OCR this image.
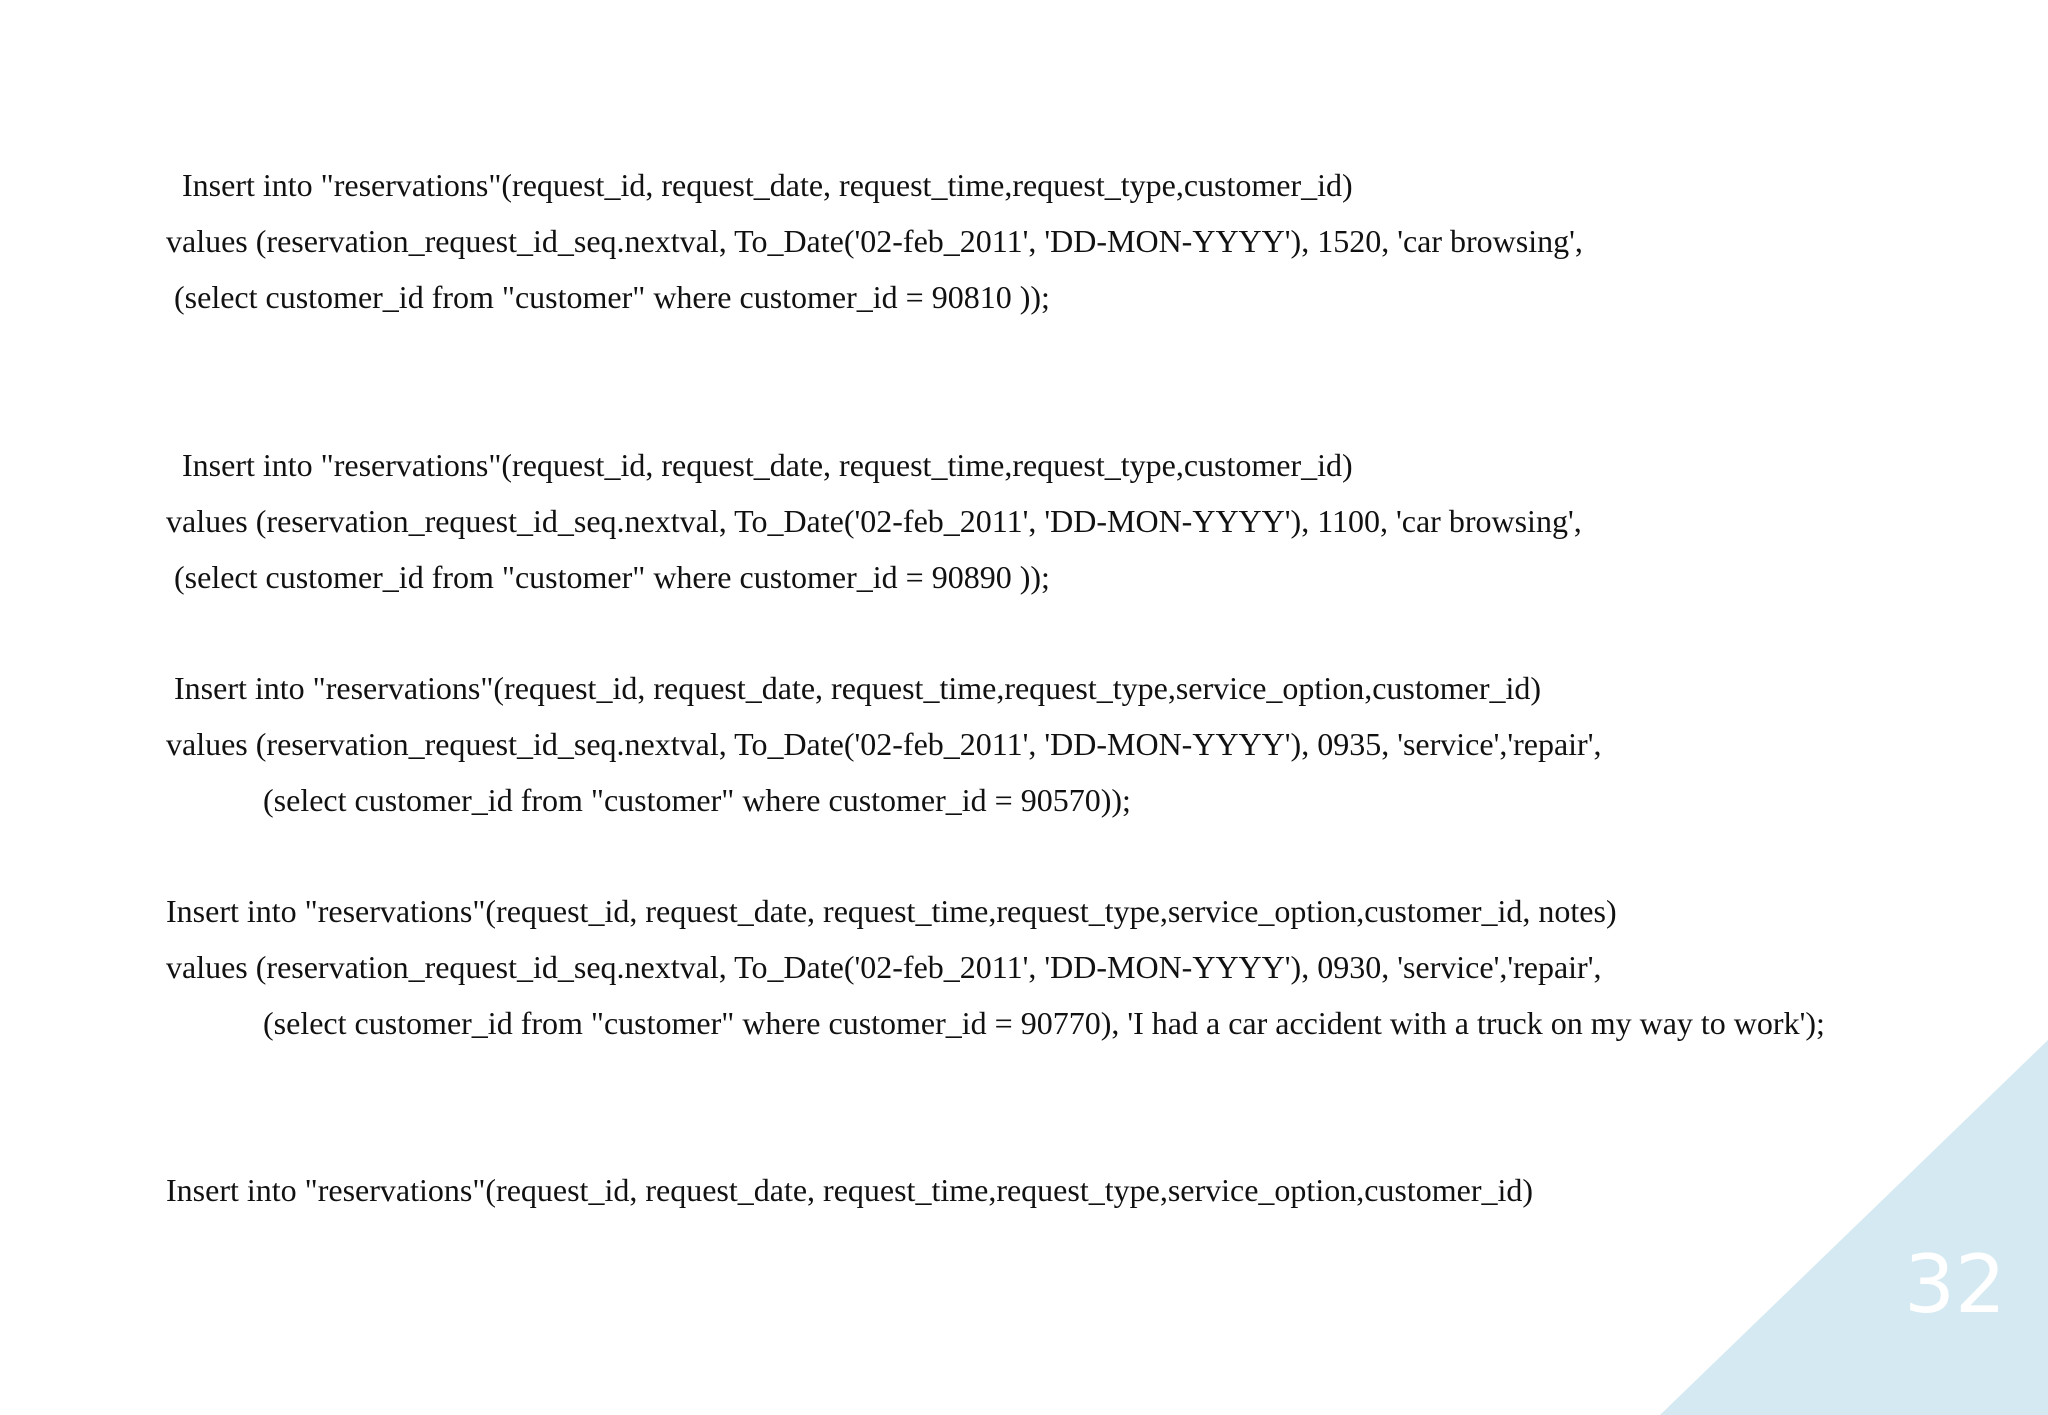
Insert into "reservations"(request_id, request_date, request_time,request_type,customer_id)
values (reservation_request_id_seq.nextval, To_Date('02-feb_2011', 'DD-MON-YYYY'), 1520, 'car browsing',
(select customer_id from "customer" where customer_id = 90810 ));
Insert into "reservations"(request_id, request_date, request_time,request_type,customer_id)
values (reservation_request_id_seq.nextval, To_Date('02-feb_2011', 'DD-MON-YYYY'), 1100, 'car browsing',
(select customer_id from "customer" where customer_id = 90890 ));
Insert into "reservations"(request_id, request_date, request_time,request_type,service_option,customer_id)
values (reservation_request_id_seq.nextval, To_Date('02-feb_2011', 'DD-MON-YYYY'), 0935, 'service','repair',
(select customer_id from "customer" where customer_id = 90570));
Insert into "reservations"(request_id, request_date, request_time,request_type,service_option,customer_id, notes)
values (reservation_request_id_seq.nextval, To_Date('02-feb_2011', 'DD-MON-YYYY'), 0930, 'service','repair',
(select customer_id from "customer" where customer_id = 90770), 'I had a car accident with a truck on my way to work');
Insert into "reservations"(request_id, request_date, request_time,request_type,service_option,customer_id)
32
